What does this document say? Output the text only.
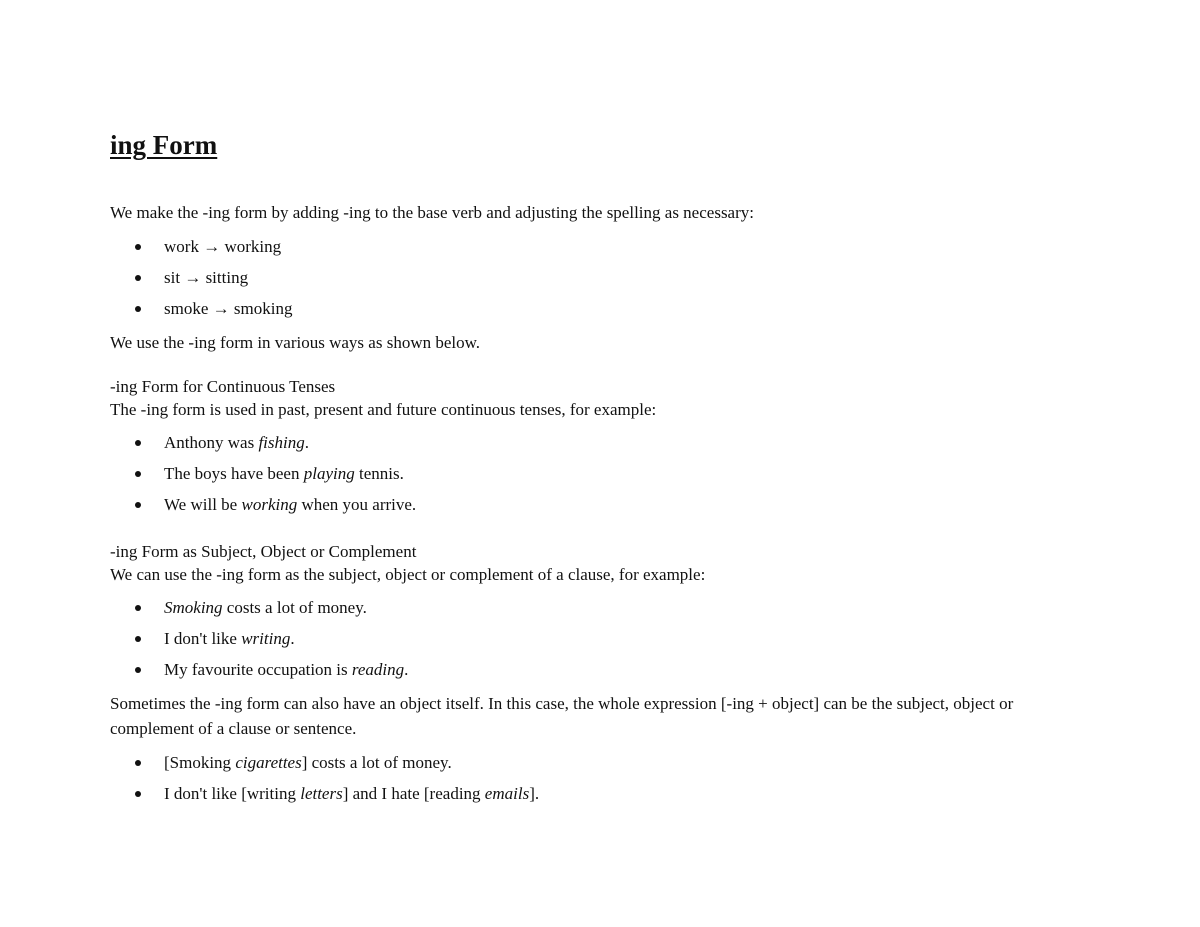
ing Form

We make the -ing form by adding -ing to the base verb and adjusting the spelling as necessary:

work → working
sit → sitting
smoke → smoking

We use the -ing form in various ways as shown below.

-ing Form for Continuous Tenses

The -ing form is used in past, present and future continuous tenses, for example:

Anthony was fishing.
The boys have been playing tennis.
We will be working when you arrive.

-ing Form as Subject, Object or Complement

We can use the -ing form as the subject, object or complement of a clause, for example:

Smoking costs a lot of money.
I don't like writing.
My favourite occupation is reading.

Sometimes the -ing form can also have an object itself. In this case, the whole expression [-ing + object] can be the subject, object or complement of a clause or sentence.

[Smoking cigarettes] costs a lot of money.
I don't like [writing letters] and I hate [reading emails].
